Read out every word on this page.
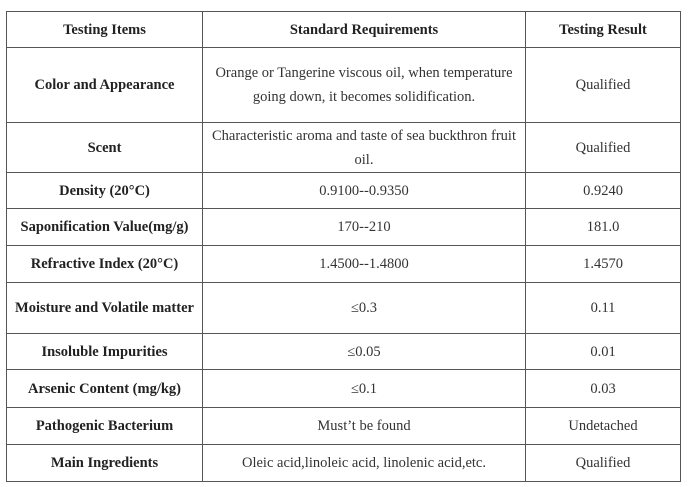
Testing Items	Standard Requirements	Testing Result
Color and Appearance	Orange or Tangerine viscous oil, when temperature going down, it becomes solidification.	Qualified
Scent	Characteristic aroma and taste of sea buckthron fruit oil.	Qualified
Density (20°C)	0.9100--0.9350	0.9240
Saponification Value(mg/g)	170--210	181.0
Refractive Index (20°C)	1.4500--1.4800	1.4570
Moisture and Volatile matter	≤0.3	0.11
Insoluble Impurities	≤0.05	0.01
Arsenic Content (mg/kg)	≤0.1	0.03
Pathogenic Bacterium	Must’t be found	Undetached
Main Ingredients	Oleic acid,linoleic acid, linolenic acid,etc.	Qualified
